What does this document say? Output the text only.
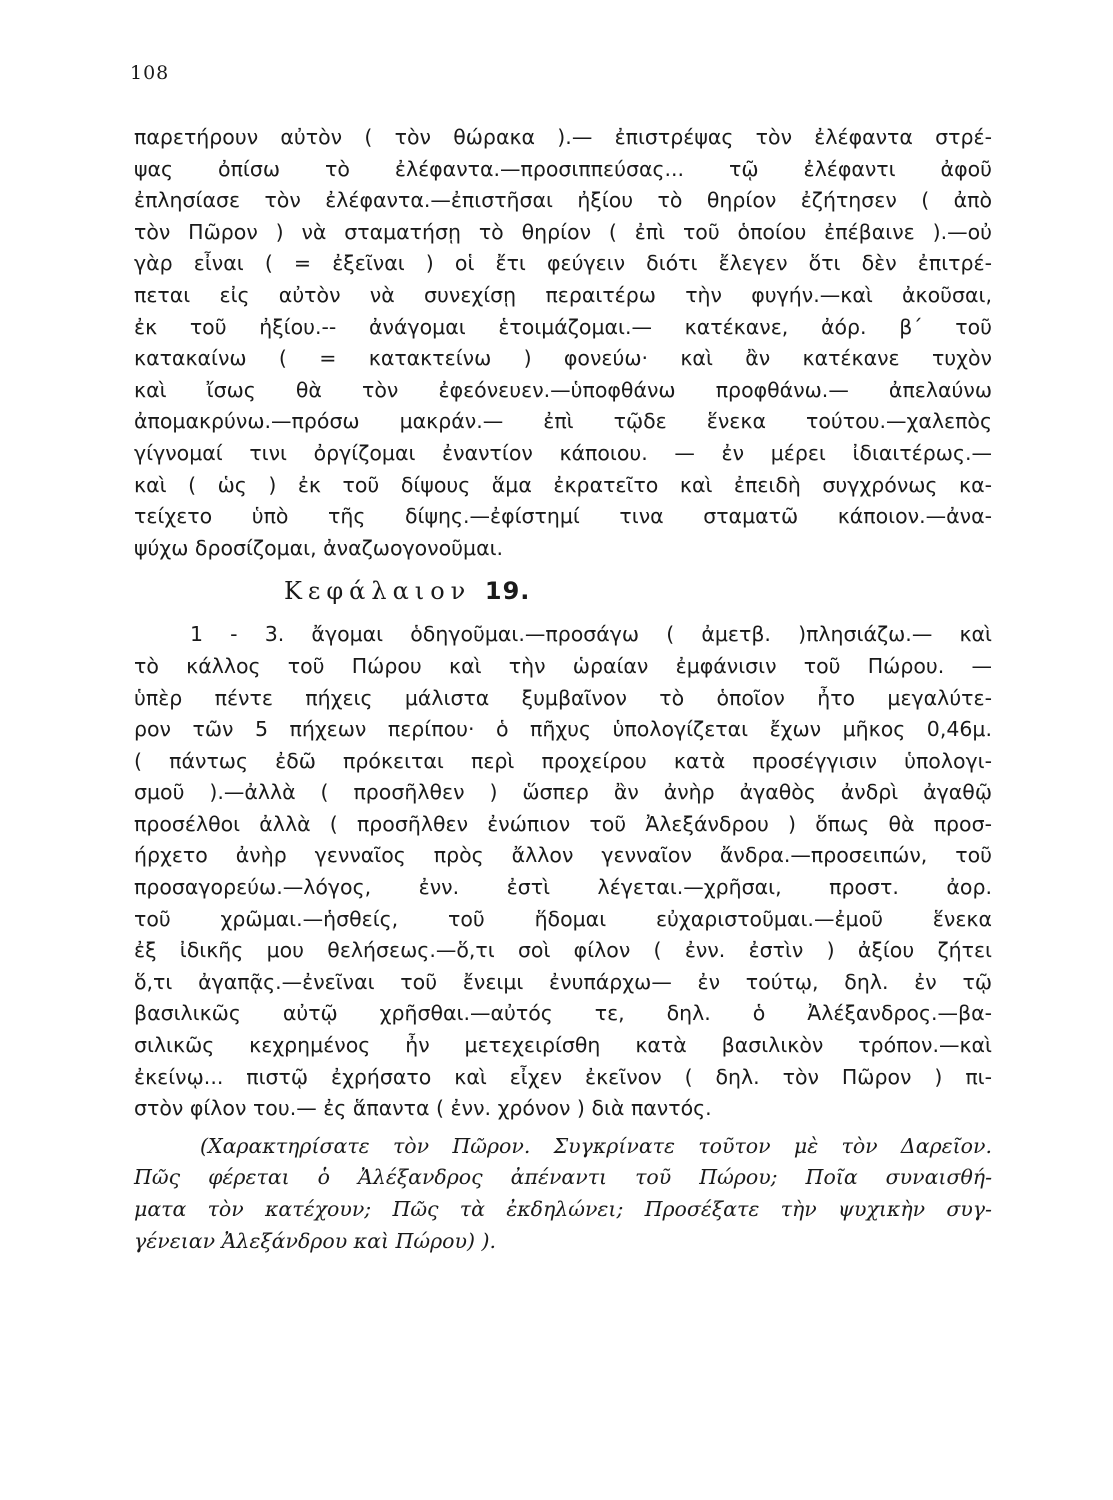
108
παρετήρουν αὐτὸν ( τὸν θώρακα ).— ἐπιστρέψας τὸν ἐλέφαντα στρέ-
ψας ὀπίσω τὸ ἐλέφαντα.—προσιππεύσας... τῷ ἐλέφαντι ἀφοῦ
ἐπλησίασε τὸν ἐλέφαντα.—ἐπιστῆσαι ἠξίου τὸ θηρίον ἐζήτησεν ( ἀπὸ
τὸν Πῶρον ) νὰ σταματήσῃ τὸ θηρίον ( ἐπὶ τοῦ ὁποίου ἐπέβαινε ).—οὐ
γὰρ εἶναι ( = ἐξεῖναι ) οἱ ἔτι φεύγειν διότι ἔλεγεν ὅτι δὲν ἐπιτρέ-
πεται εἰς αὐτὸν νὰ συνεχίσῃ περαιτέρω τὴν φυγήν.—καὶ ἀκοῦσαι,
ἐκ τοῦ ἠξίου.-- ἀνάγομαι ἑτοιμάζομαι.— κατέκανε, ἀόρ. β΄ τοῦ
κατακαίνω ( = κατακτείνω ) φονεύω· καὶ ἂν κατέκανε τυχὸν
καὶ ἴσως θὰ τὸν ἐφεόνευεν.—ὑποφθάνω προφθάνω.— ἀπελαύνω
ἀπομακρύνω.—πρόσω μακράν.— ἐπὶ τῷδε ἕνεκα τούτου.—χαλεπὸς
γίγνομαί τινι ὀργίζομαι ἐναντίον κάποιου. — ἐν μέρει ἰδιαιτέρως.—
καὶ ( ὡς ) ἐκ τοῦ δίψους ἅμα ἐκρατεῖτο καὶ ἐπειδὴ συγχρόνως κα-
τείχετο ὑπὸ τῆς δίψης.—ἐφίστημί τινα σταματῶ κάποιον.—ἀνα-
ψύχω δροσίζομαι, ἀναζωογονοῦμαι.
Κεφάλαιον 19.
1 - 3. ἄγομαι ὁδηγοῦμαι.—προσάγω ( ἀμετβ. )πλησιάζω.— καὶ
τὸ κάλλος τοῦ Πώρου καὶ τὴν ὡραίαν ἐμφάνισιν τοῦ Πώρου. —
ὑπὲρ πέντε πήχεις μάλιστα ξυμβαῖνον τὸ ὁποῖον ἦτο μεγαλύτε-
ρον τῶν 5 πήχεων περίπου· ὁ πῆχυς ὑπολογίζεται ἔχων μῆκος 0,46μ.
( πάντως ἐδῶ πρόκειται περὶ προχείρου κατὰ προσέγγισιν ὑπολογι-
σμοῦ ).—ἀλλὰ ( προσῆλθεν ) ὥσπερ ἂν ἀνὴρ ἀγαθὸς ἀνδρὶ ἀγαθῷ
προσέλθοι ἀλλὰ ( προσῆλθεν ἐνώπιον τοῦ Ἀλεξάνδρου ) ὅπως θὰ προσ-
ήρχετο ἀνὴρ γενναῖος πρὸς ἄλλον γενναῖον ἄνδρα.—προσειπών, τοῦ
προσαγορεύω.—λόγος, ἐνν. ἐστὶ λέγεται.—χρῆσαι, προστ. ἀορ.
τοῦ χρῶμαι.—ἡσθείς, τοῦ ἥδομαι εὐχαριστοῦμαι.—ἐμοῦ ἕνεκα
ἐξ ἰδικῆς μου θελήσεως.—ὅ,τι σοὶ φίλον ( ἐνν. ἐστὶν ) ἀξίου ζήτει
ὅ,τι ἀγαπᾷς.—ἐνεῖναι τοῦ ἔνειμι ἐνυπάρχω— ἐν τούτῳ, δηλ. ἐν τῷ
βασιλικῶς αὐτῷ χρῆσθαι.—αὐτός τε, δηλ. ὁ Ἀλέξανδρος.—βα-
σιλικῶς κεχρημένος ἦν μετεχειρίσθη κατὰ βασιλικὸν τρόπον.—καὶ
ἐκείνῳ... πιστῷ ἐχρήσατο καὶ εἶχεν ἐκεῖνον ( δηλ. τὸν Πῶρον ) πι-
στὸν φίλον του.— ἐς ἅπαντα ( ἐνν. χρόνον ) διὰ παντός.
(Χαρακτηρίσατε τὸν Πῶρον. Συγκρίνατε τοῦτον μὲ τὸν Δαρεῖον.
Πῶς φέρεται ὁ Ἀλέξανδρος ἀπέναντι τοῦ Πώρου; Ποῖα συναισθή-
ματα τὸν κατέχουν; Πῶς τὰ ἐκδηλώνει; Προσέξατε τὴν ψυχικὴν συγ-
γένειαν Ἀλεξάνδρου καὶ Πώρου) ).
